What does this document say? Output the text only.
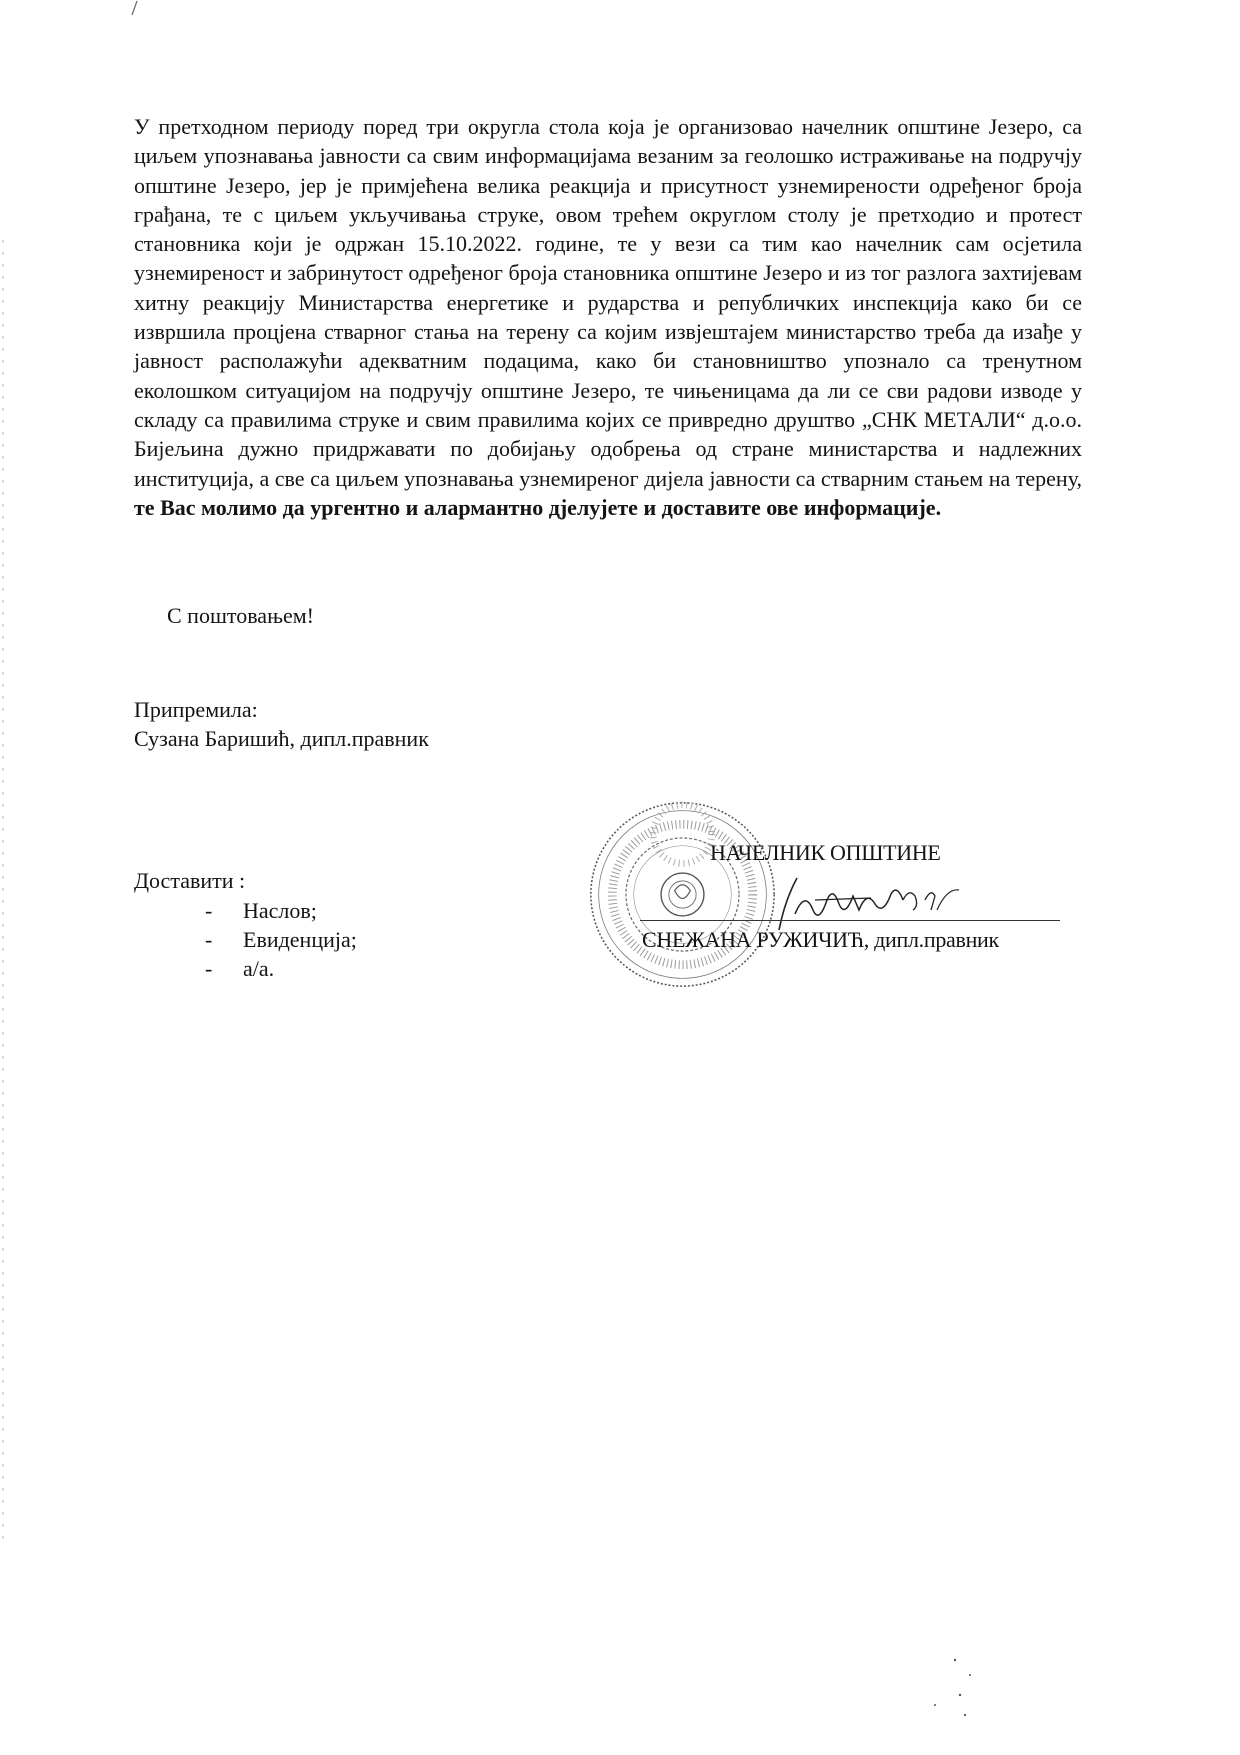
У претходном периоду поред три округла стола која је организовао начелник општине Језеро, са циљем упознавања јавности са свим информацијама везаним за геолошко истраживање на подручју општине Језеро, јер је примјећена велика реакција и присутност узнемирености одређеног броја грађана, те с циљем укључивања струке, овом трећем округлом столу је претходио и протест становника који је одржан 15.10.2022. године, те у вези са тим као начелник сам осјетила узнемиреност и забринутост одређеног броја становника општине Језеро и из тог разлога захтијевам хитну реакцију Министарства енергетике и рударства и републичких инспекција како би се извршила процјена стварног стања на терену са којим извјештајем министарство треба да изађе у јавност располажући адекватним подацима, како би становништво упознало са тренутном еколошком ситуацијом на подручју општине Језеро, те чињеницама да ли се сви радови изводе у складу са правилима струке и свим правилима којих се привредно друштво „СНК МЕТАЛИ“ д.о.о. Бијељина дужно придржавати по добијању одобрења од стране министарства и надлежних институција, а све са циљем упознавања узнемиреног дијела јавности са стварним стањем на терену, те Вас молимо да ургентно и алармантно дјелујете и доставите ове информације.

С поштовањем!

Припремила:
Сузана Баришић, дипл.правник
Доставити :
- Наслов;
- Евиденција;
- а/а.
НАЧЕЛНИК ОПШТИНЕ
СНЕЖАНА РУЖИЧИЋ, дипл.правник
